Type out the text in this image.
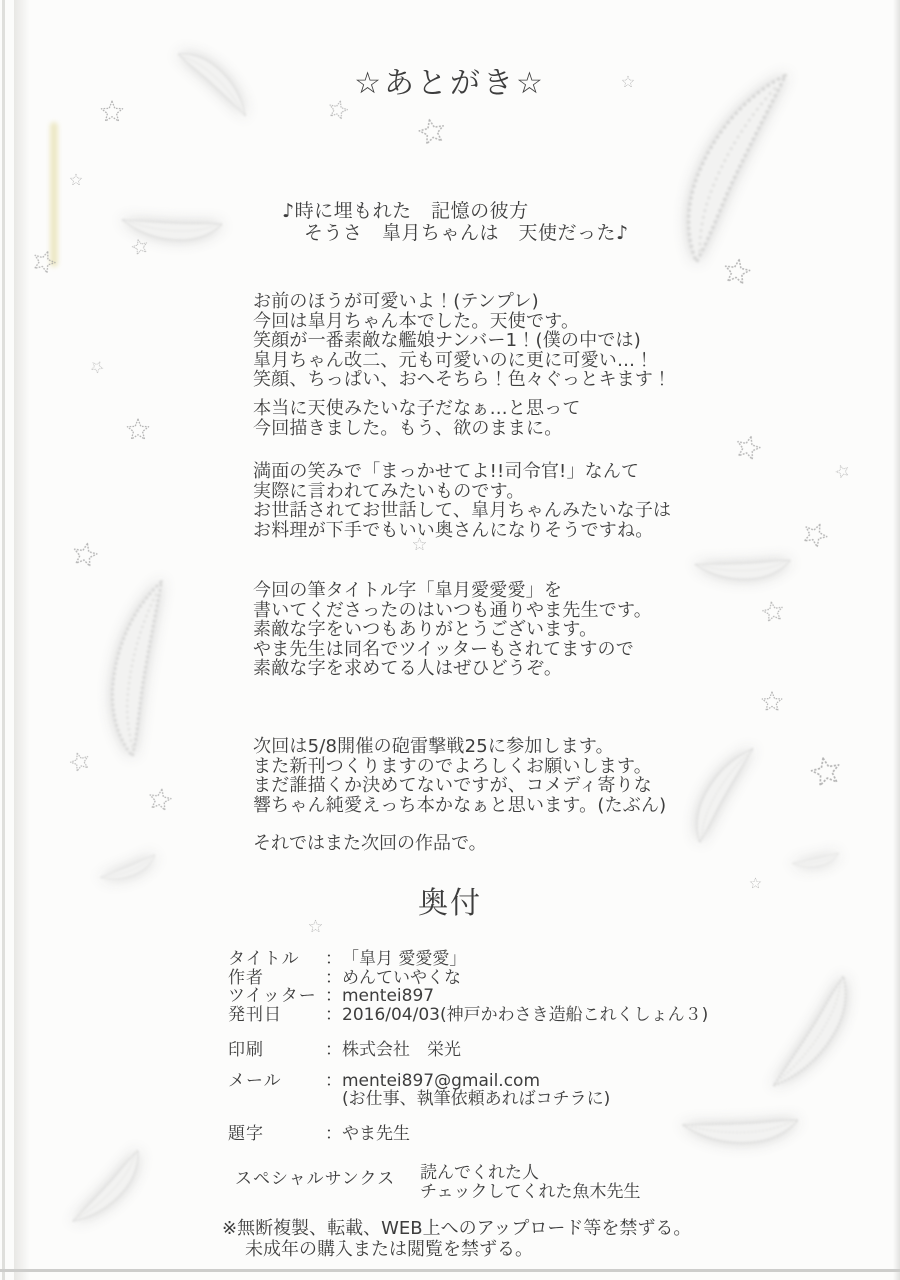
☆あとがき☆
♪時に埋もれた　記憶の彼方
そうさ　皐月ちゃんは　天使だった♪
お前のほうが可愛いよ！(テンプレ)
今回は皐月ちゃん本でした。天使です。
笑顔が一番素敵な艦娘ナンバー1！(僕の中では)
皐月ちゃん改二、元も可愛いのに更に可愛い…！
笑顔、ちっぱい、おへそちら！色々ぐっとキます！
本当に天使みたいな子だなぁ…と思って
今回描きました。もう、欲のままに。
満面の笑みで「まっかせてよ!!司令官!」なんて
実際に言われてみたいものです。
お世話されてお世話して、皐月ちゃんみたいな子は
お料理が下手でもいい奥さんになりそうですね。
今回の筆タイトル字「皐月愛愛愛」を
書いてくださったのはいつも通りやま先生です。
素敵な字をいつもありがとうございます。
やま先生は同名でツイッターもされてますので
素敵な字を求めてる人はぜひどうぞ。
次回は5/8開催の砲雷撃戦25に参加します。
また新刊つくりますのでよろしくお願いします。
まだ誰描くか決めてないですが、コメディ寄りな
響ちゃん純愛えっち本かなぁと思います。(たぶん)
それではまた次回の作品で。
奥付
タイトル	： 「皐月 愛愛愛」
作者	： めんていやくな
ツイッター ： mentei897
発刊日	： 2016/04/03(神戸かわさき造船これくしょん３)
印刷	： 株式会社　栄光
メール	： mentei897@gmail.com
(お仕事、執筆依頼あればコチラに)
題字	： やま先生
スペシャルサンクス	読んでくれた人
チェックしてくれた魚木先生
※無断複製、転載、WEB上へのアップロード等を禁ずる。
未成年の購入または閲覧を禁ずる。
